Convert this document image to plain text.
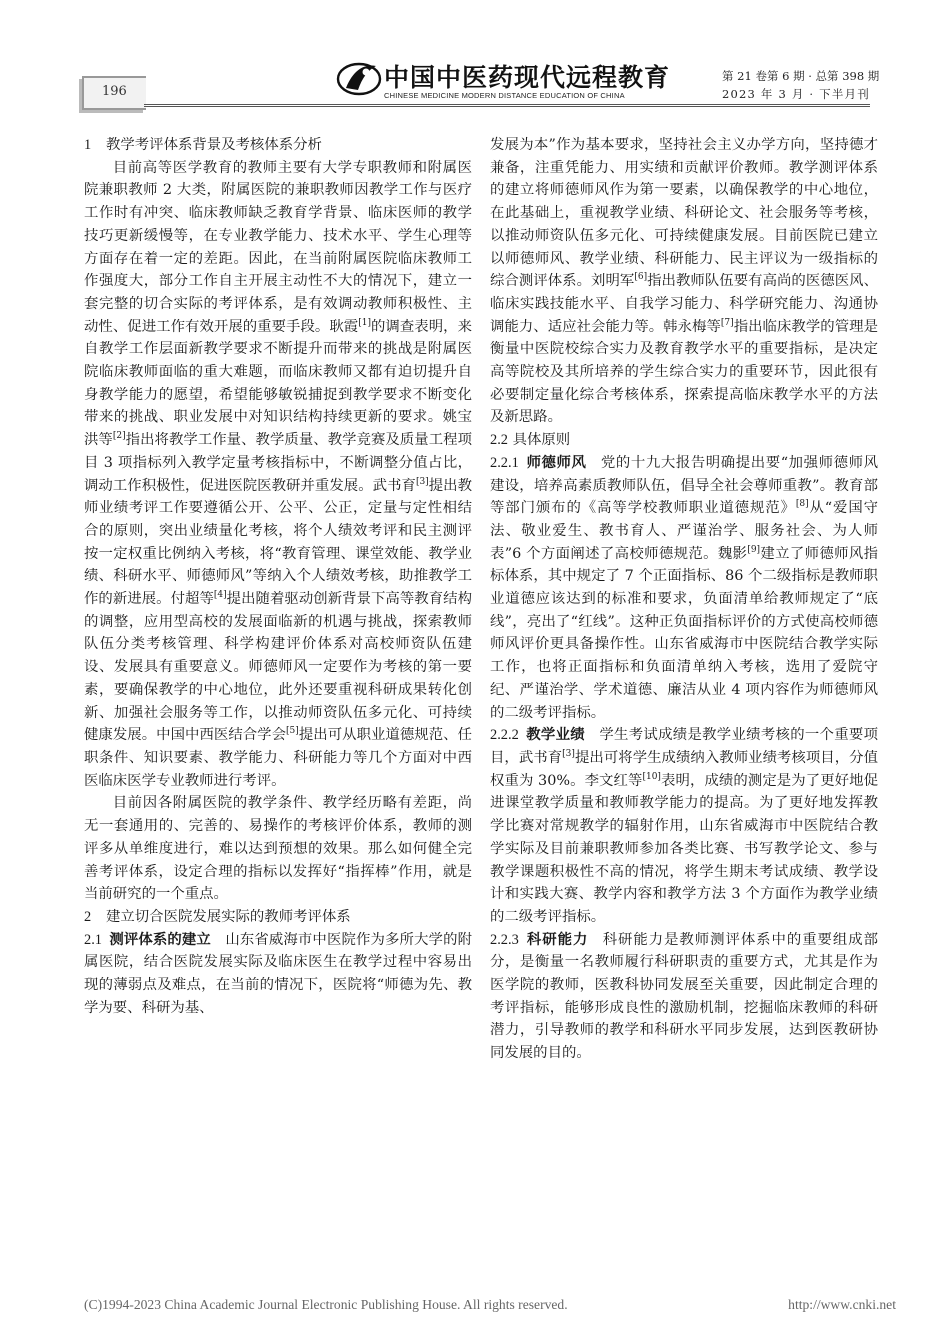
196	中国中医药现代远程教育
CHINESE MEDICINE MODERN DISTANCE EDUCATION OF CHINA
第 21 卷第 6 期 · 总第 398 期
2023 年 3 月 · 下半月刊
1 教学考评体系背景及考核体系分析

目前高等医学教育的教师主要有大学专职教师和附属医院兼职教师 2 大类，附属医院的兼职教师因教学工作与医疗工作时有冲突、临床教师缺乏教育学背景、临床医师的教学技巧更新缓慢等，在专业教学能力、技术水平、学生心理等方面存在着一定的差距。因此，在当前附属医院临床教师工作强度大，部分工作自主开展主动性不大的情况下，建立一套完整的切合实际的考评体系，是有效调动教师积极性、主动性、促进工作有效开展的重要手段。耿霞[1]的调查表明，来自教学工作层面新教学要求不断提升而带来的挑战是附属医院临床教师面临的重大难题，而临床教师又都有迫切提升自身教学能力的愿望，希望能够敏锐捕捉到教学要求不断变化带来的挑战、职业发展中对知识结构持续更新的要求。姚宝洪等[2]指出将教学工作量、教学质量、教学竞赛及质量工程项目 3 项指标列入教学定量考核指标中，不断调整分值占比，调动工作积极性，促进医院医教研并重发展。武书育[3]提出教师业绩考评工作要遵循公开、公平、公正，定量与定性相结合的原则，突出业绩量化考核，将个人绩效考评和民主测评按一定权重比例纳入考核，将“教育管理、课堂效能、教学业绩、科研水平、师德师风”等纳入个人绩效考核，助推教学工作的新进展。付超等[4]提出随着驱动创新背景下高等教育结构的调整，应用型高校的发展面临新的机遇与挑战，探索教师队伍分类考核管理、科学构建评价体系对高校师资队伍建设、发展具有重要意义。师德师风一定要作为考核的第一要素，要确保教学的中心地位，此外还要重视科研成果转化创新、加强社会服务等工作，以推动师资队伍多元化、可持续健康发展。中国中西医结合学会[5]提出可从职业道德规范、任职条件、知识要素、教学能力、科研能力等几个方面对中西医临床医学专业教师进行考评。

目前因各附属医院的教学条件、教学经历略有差距，尚无一套通用的、完善的、易操作的考核评价体系，教师的测评多从单维度进行，难以达到预想的效果。那么如何健全完善考评体系，设定合理的指标以发挥好“指挥棒”作用，就是当前研究的一个重点。

2 建立切合医院发展实际的教师考评体系

2.1 测评体系的建立 山东省威海市中医院作为多所大学的附属医院，结合医院发展实际及临床医生在教学过程中容易出现的薄弱点及难点，在当前的情况下，医院将“师德为先、教学为要、科研为基、

发展为本”作为基本要求，坚持社会主义办学方向，坚持德才兼备，注重凭能力、用实绩和贡献评价教师。教学测评体系的建立将师德师风作为第一要素，以确保教学的中心地位，在此基础上，重视教学业绩、科研论文、社会服务等考核，以推动师资队伍多元化、可持续健康发展。目前医院已建立以师德师风、教学业绩、科研能力、民主评议为一级指标的综合测评体系。刘明军[6]指出教师队伍要有高尚的医德医风、临床实践技能水平、自我学习能力、科学研究能力、沟通协调能力、适应社会能力等。韩永梅等[7]指出临床教学的管理是衡量中医院校综合实力及教育教学水平的重要指标，是决定高等院校及其所培养的学生综合实力的重要环节，因此很有必要制定量化综合考核体系，探索提高临床教学水平的方法及新思路。

2.2 具体原则

2.2.1 师德师风 党的十九大报告明确提出要“加强师德师风建设，培养高素质教师队伍，倡导全社会尊师重教”。教育部等部门颁布的《高等学校教师职业道德规范》[8]从“爱国守法、敬业爱生、教书育人、严谨治学、服务社会、为人师表”6 个方面阐述了高校师德规范。魏影[9]建立了师德师风指标体系，其中规定了 7 个正面指标、86 个二级指标是教师职业道德应该达到的标准和要求，负面清单给教师规定了“底线”，亮出了“红线”。这种正负面指标评价的方式使高校师德师风评价更具备操作性。山东省威海市中医院结合教学实际工作，也将正面指标和负面清单纳入考核，选用了爱院守纪、严谨治学、学术道德、廉洁从业 4 项内容作为师德师风的二级考评指标。

2.2.2 教学业绩 学生考试成绩是教学业绩考核的一个重要项目，武书育[3]提出可将学生成绩纳入教师业绩考核项目，分值权重为 30%。李文红等[10]表明，成绩的测定是为了更好地促进课堂教学质量和教师教学能力的提高。为了更好地发挥教学比赛对常规教学的辐射作用，山东省威海市中医院结合教学实际及目前兼职教师参加各类比赛、书写教学论文、参与教学课题积极性不高的情况，将学生期末考试成绩、教学设计和实践大赛、教学内容和教学方法 3 个方面作为教学业绩的二级考评指标。

2.2.3 科研能力 科研能力是教师测评体系中的重要组成部分，是衡量一名教师履行科研职责的重要方式，尤其是作为医学院的教师，医教科协同发展至关重要，因此制定合理的考评指标，能够形成良性的激励机制，挖掘临床教师的科研潜力，引导教师的教学和科研水平同步发展，达到医教研协同发展的目的。

(C)1994-2023 China Academic Journal Electronic Publishing House. All rights reserved.	http://www.cnki.net
